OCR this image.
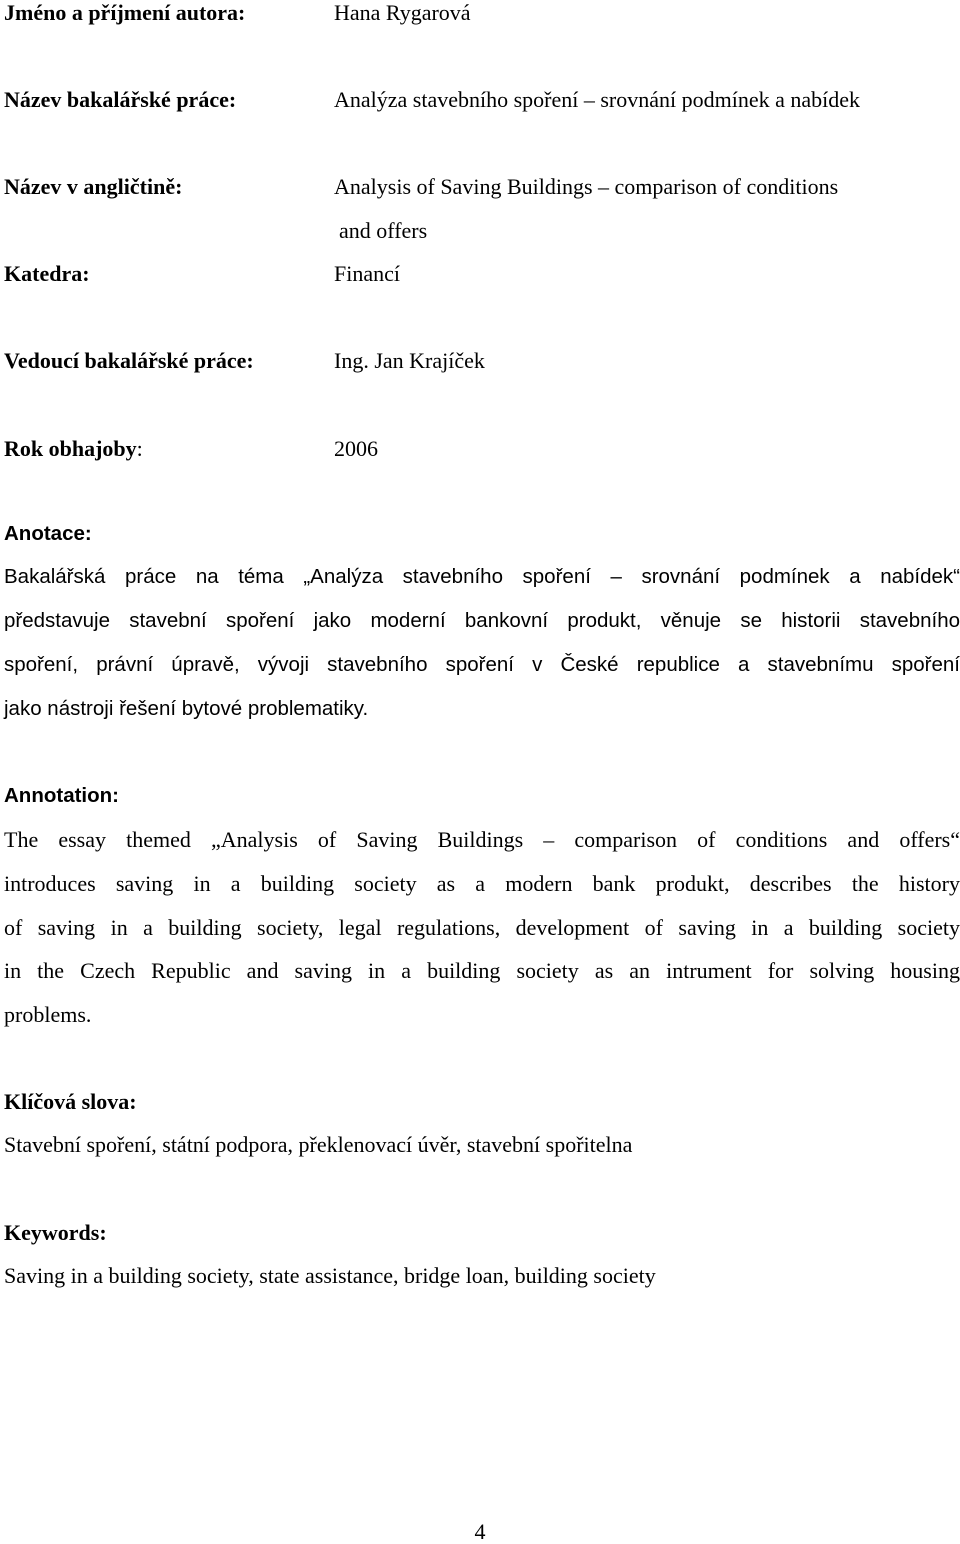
Jméno a příjmení autora:	Hana Rygarová
Název bakalářské práce:	Analýza stavebního spoření – srovnání podmínek a nabídek
Název v angličtině:	Analysis of Saving Buildings – comparison of conditions
and offers
Katedra:	Financí
Vedoucí bakalářské práce:	Ing. Jan Krajíček
Rok obhajoby:	2006
Anotace:
Bakalářská práce na téma „Analýza stavebního spoření – srovnání podmínek a nabídek“
představuje stavební spoření jako moderní bankovní produkt, věnuje se historii stavebního
spoření, právní úpravě, vývoji stavebního spoření v České republice a stavebnímu spoření
jako nástroji řešení bytové problematiky.
Annotation:
The essay themed „Analysis of Saving Buildings – comparison of conditions and offers“
introduces saving in a building society as a modern bank produkt, describes the history
of saving in a building society, legal regulations, development of saving in a building society
in the Czech Republic and saving in a building society as an intrument for solving housing
problems.
Klíčová slova:
Stavební spoření, státní podpora, překlenovací úvěr, stavební spořitelna
Keywords:
Saving in a building society, state assistance, bridge loan, building society
4
